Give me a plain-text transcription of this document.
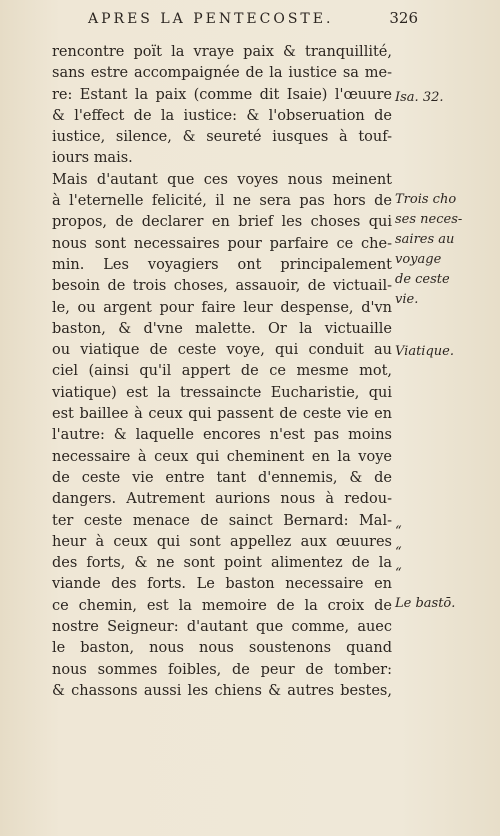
APRES LA PENTECOSTE.	326
rencontre poït la vraye paix & tranquillité,
sans estre accompaignée de la iustice sa me-
re: Estant la paix (comme dit Isaie) l'œuure
& l'effect de la iustice: & l'obseruation de
iustice, silence, & seureté iusques à touf-
iours mais.
Mais d'autant que ces voyes nous meinent
à l'eternelle felicité, il ne sera pas hors de
propos, de declarer en brief les choses qui
nous sont necessaires pour parfaire ce che-
min. Les voyagiers ont principalement
besoin de trois choses, assauoir, de victuail-
le, ou argent pour faire leur despense, d'vn
baston, & d'vne malette. Or la victuaille
ou viatique de ceste voye, qui conduit au
ciel (ainsi qu'il appert de ce mesme mot,
viatique) est la tressaincte Eucharistie, qui
est baillee à ceux qui passent de ceste vie en
l'autre: & laquelle encores n'est pas moins
necessaire à ceux qui cheminent en la voye
de ceste vie entre tant d'ennemis, & de
dangers. Autrement aurions nous à redou-
ter ceste menace de sainct Bernard: Mal-
heur à ceux qui sont appellez aux œuures
des forts, & ne sont point alimentez de la
viande des forts. Le baston necessaire en
ce chemin, est la memoire de la croix de
nostre Seigneur: d'autant que comme, auec
le baston, nous nous soustenons quand
nous sommes foibles, de peur de tomber:
& chassons aussi les chiens & autres bestes,
Isa. 32.
Trois cho
ses neces-
saires au
voyage
de ceste
vie.
Viatique.
“
“
“
Le bastō.
